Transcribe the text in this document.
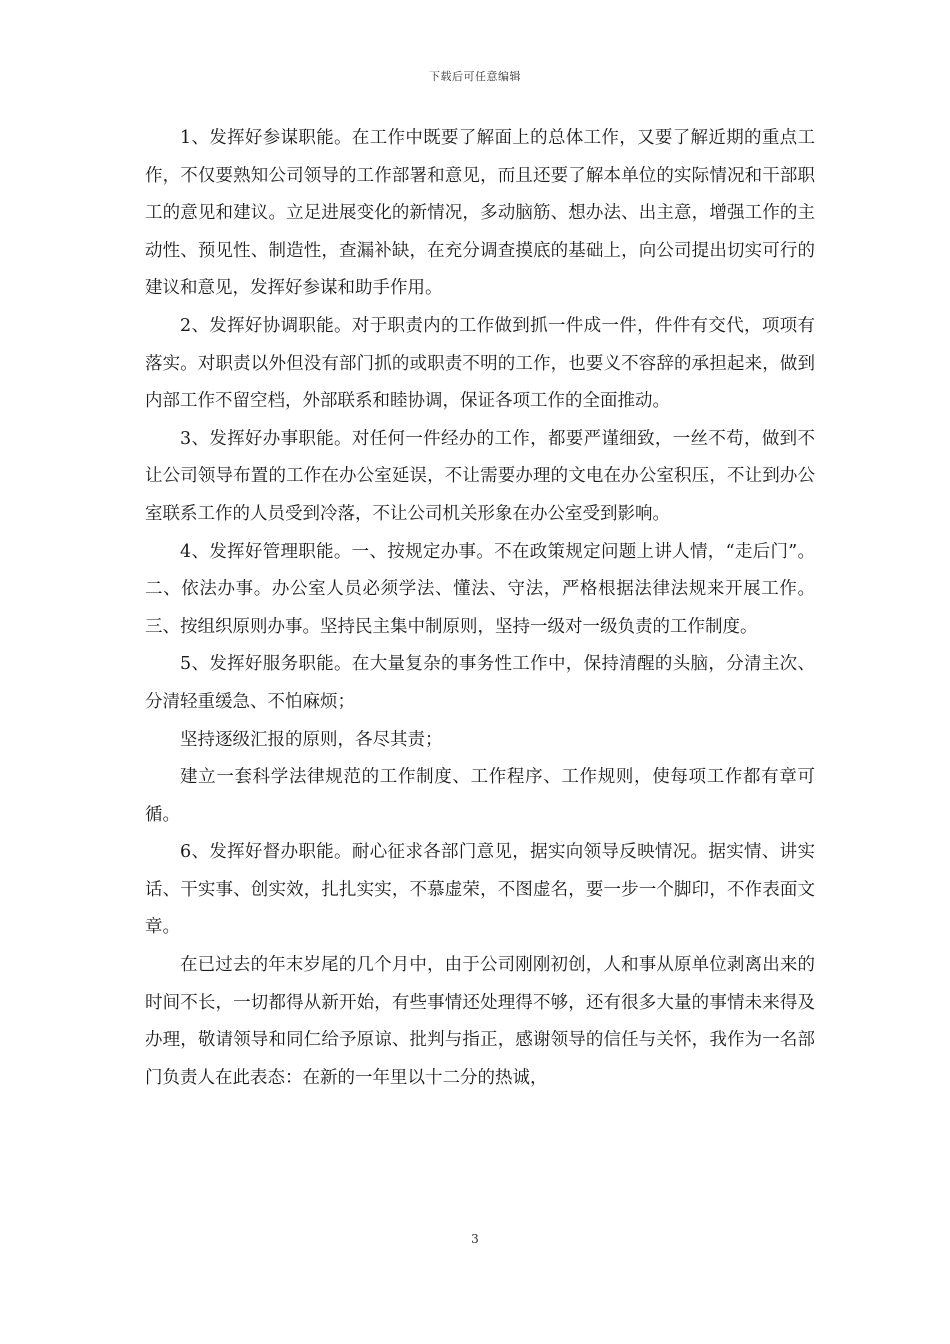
下载后可任意编辑

1、发挥好参谋职能。在工作中既要了解面上的总体工作，又要了解近期的重点工作，不仅要熟知公司领导的工作部署和意见，而且还要了解本单位的实际情况和干部职工的意见和建议。立足进展变化的新情况，多动脑筋、想办法、出主意，增强工作的主动性、预见性、制造性，查漏补缺，在充分调查摸底的基础上，向公司提出切实可行的建议和意见，发挥好参谋和助手作用。

2、发挥好协调职能。对于职责内的工作做到抓一件成一件，件件有交代，项项有落实。对职责以外但没有部门抓的或职责不明的工作，也要义不容辞的承担起来，做到内部工作不留空档，外部联系和睦协调，保证各项工作的全面推动。

3、发挥好办事职能。对任何一件经办的工作，都要严谨细致，一丝不苟，做到不让公司领导布置的工作在办公室延误，不让需要办理的文电在办公室积压，不让到办公室联系工作的人员受到冷落，不让公司机关形象在办公室受到影响。

4、发挥好管理职能。一、按规定办事。不在政策规定问题上讲人情，“走后门”。二、依法办事。办公室人员必须学法、懂法、守法，严格根据法律法规来开展工作。三、按组织原则办事。坚持民主集中制原则，坚持一级对一级负责的工作制度。

5、发挥好服务职能。在大量复杂的事务性工作中，保持清醒的头脑，分清主次、分清轻重缓急、不怕麻烦；

坚持逐级汇报的原则，各尽其责；

建立一套科学法律规范的工作制度、工作程序、工作规则，使每项工作都有章可循。

6、发挥好督办职能。耐心征求各部门意见，据实向领导反映情况。据实情、讲实话、干实事、创实效，扎扎实实，不慕虚荣，不图虚名，要一步一个脚印，不作表面文章。

在已过去的年末岁尾的几个月中，由于公司刚刚初创，人和事从原单位剥离出来的时间不长，一切都得从新开始，有些事情还处理得不够，还有很多大量的事情未来得及办理，敬请领导和同仁给予原谅、批判与指正，感谢领导的信任与关怀，我作为一名部门负责人在此表态：在新的一年里以十二分的热诚，

3
